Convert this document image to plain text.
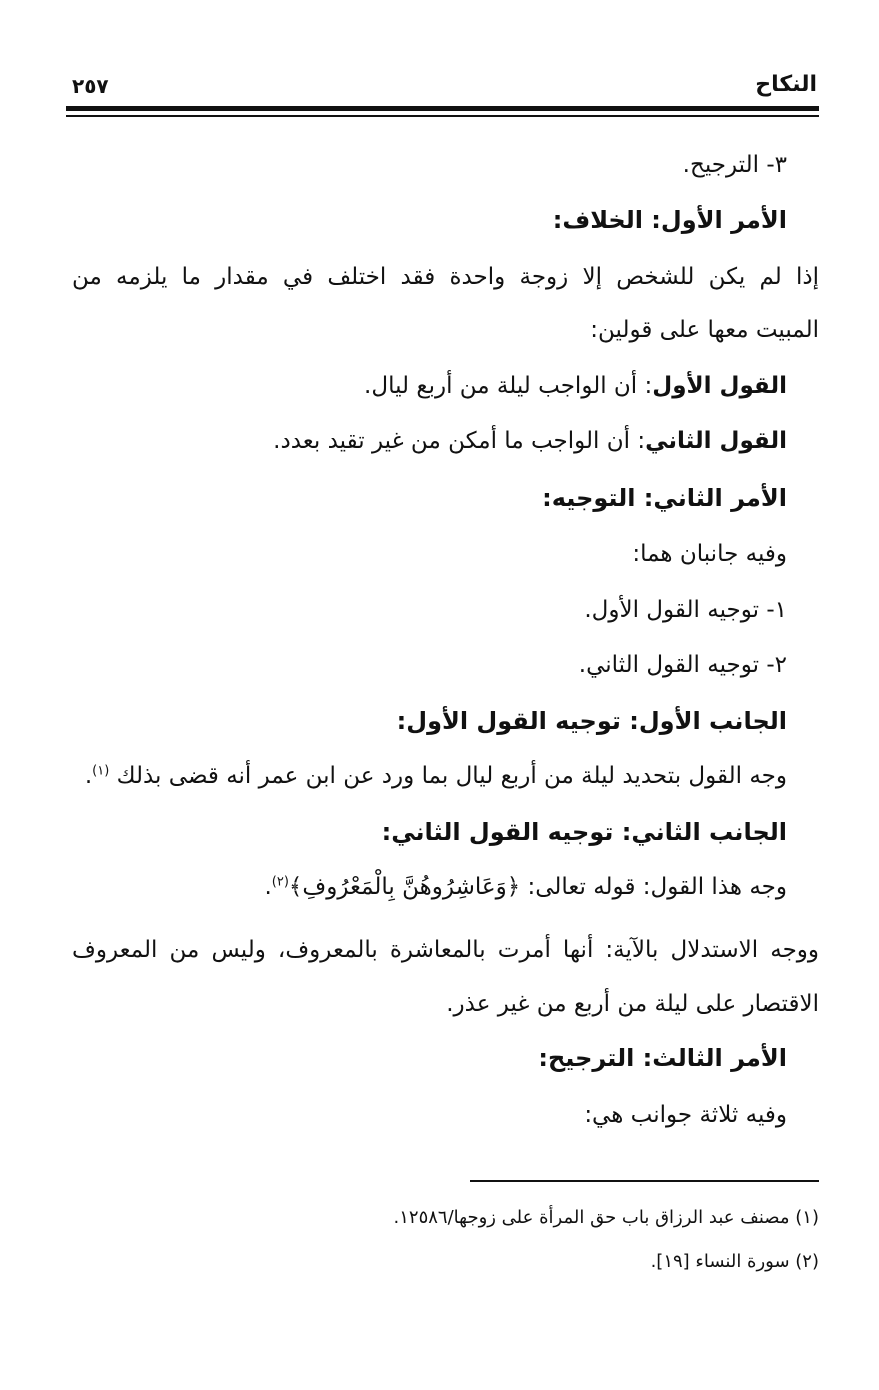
النكاح
٢٥٧
٣- الترجيح.
الأمر الأول: الخلاف:
إذا لم يكن للشخص إلا زوجة واحدة فقد اختلف في مقدار ما يلزمه من
المبيت معها على قولين:
القول الأول: أن الواجب ليلة من أربع ليال.
القول الثاني: أن الواجب ما أمكن من غير تقيد بعدد.
الأمر الثاني: التوجيه:
وفيه جانبان هما:
١- توجيه القول الأول.
٢- توجيه القول الثاني.
الجانب الأول: توجيه القول الأول:
وجه القول بتحديد ليلة من أربع ليال بما ورد عن ابن عمر أنه قضى بذلك $^{(١)}$.
الجانب الثاني: توجيه القول الثاني:
وجه هذا القول: قوله تعالى: ﴿وَعَاشِرُوهُنَّ بِالْمَعْرُوفِ﴾$^{(٢)}$.
ووجه الاستدلال بالآية: أنها أمرت بالمعاشرة بالمعروف، وليس من المعروف
الاقتصار على ليلة من أربع من غير عذر.
الأمر الثالث: الترجيح:
وفيه ثلاثة جوانب هي:
(١) مصنف عبد الرزاق باب حق المرأة على زوجها/١٢٥٨٦.
(٢) سورة النساء [١٩].
